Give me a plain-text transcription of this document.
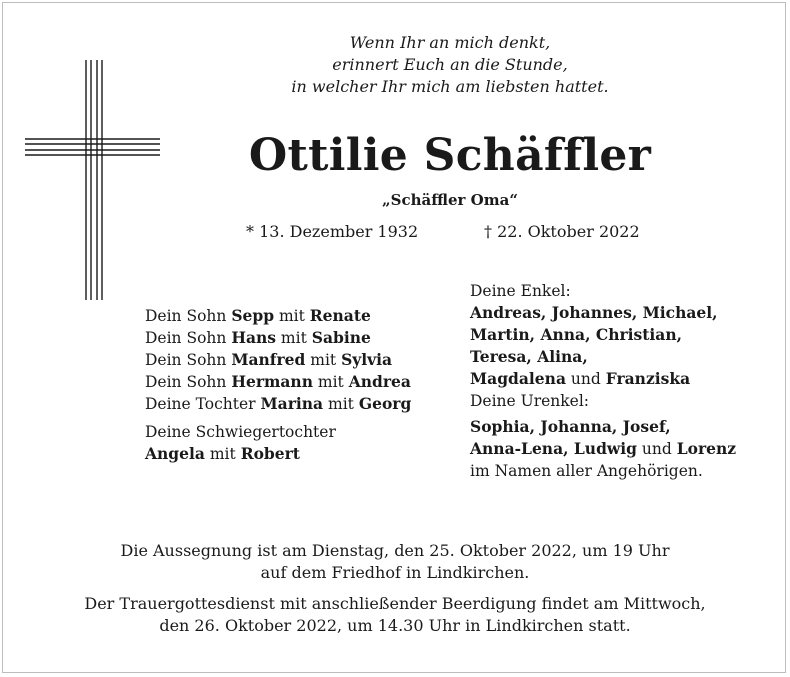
Wenn Ihr an mich denkt,
erinnert Euch an die Stunde,
in welcher Ihr mich am liebsten hattet.
Ottilie Schäffler
„Schäffler Oma“
* 13. Dezember 1932	† 22. Oktober 2022
Dein Sohn Sepp mit Renate
Dein Sohn Hans mit Sabine
Dein Sohn Manfred mit Sylvia
Dein Sohn Hermann mit Andrea
Deine Tochter Marina mit Georg
Deine Schwiegertochter
Angela mit Robert
Deine Enkel:
Andreas, Johannes, Michael,
Martin, Anna, Christian,
Teresa, Alina,
Magdalena und Franziska
Deine Urenkel:
Sophia, Johanna, Josef,
Anna-Lena, Ludwig und Lorenz
im Namen aller Angehörigen.
Die Aussegnung ist am Dienstag, den 25. Oktober 2022, um 19 Uhr
auf dem Friedhof in Lindkirchen.
Der Trauergottesdienst mit anschließender Beerdigung findet am Mittwoch,
den 26. Oktober 2022, um 14.30 Uhr in Lindkirchen statt.
